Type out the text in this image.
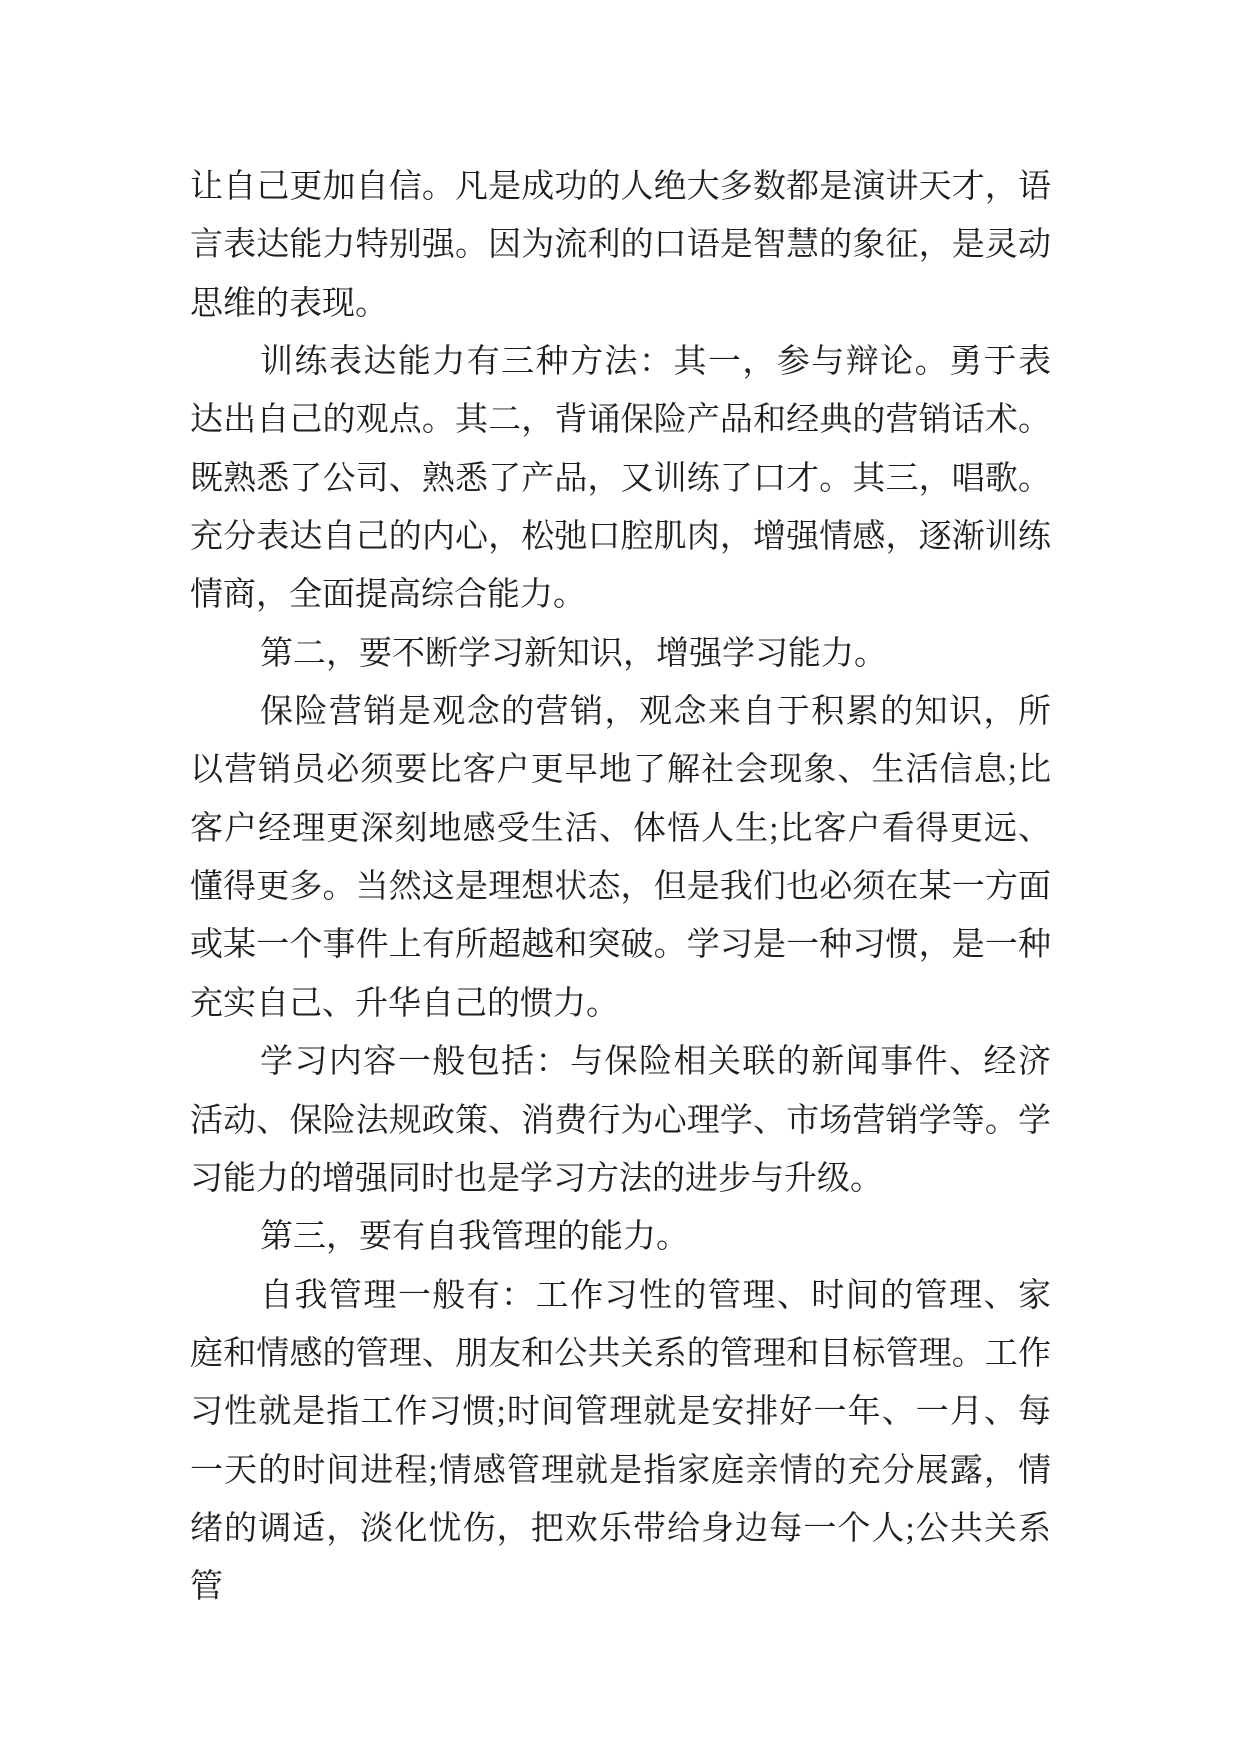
让自己更加自信。凡是成功的人绝大多数都是演讲天才，语言表达能力特别强。因为流利的口语是智慧的象征，是灵动思维的表现。

训练表达能力有三种方法：其一，参与辩论。勇于表达出自己的观点。其二，背诵保险产品和经典的营销话术。既熟悉了公司、熟悉了产品，又训练了口才。其三，唱歌。充分表达自己的内心，松弛口腔肌肉，增强情感，逐渐训练情商，全面提高综合能力。

第二，要不断学习新知识，增强学习能力。

保险营销是观念的营销，观念来自于积累的知识，所以营销员必须要比客户更早地了解社会现象、生活信息;比客户经理更深刻地感受生活、体悟人生;比客户看得更远、懂得更多。当然这是理想状态，但是我们也必须在某一方面或某一个事件上有所超越和突破。学习是一种习惯，是一种充实自己、升华自己的惯力。

学习内容一般包括：与保险相关联的新闻事件、经济活动、保险法规政策、消费行为心理学、市场营销学等。学习能力的增强同时也是学习方法的进步与升级。

第三，要有自我管理的能力。

自我管理一般有：工作习性的管理、时间的管理、家庭和情感的管理、朋友和公共关系的管理和目标管理。工作习性就是指工作习惯;时间管理就是安排好一年、一月、每一天的时间进程;情感管理就是指家庭亲情的充分展露，情绪的调适，淡化忧伤，把欢乐带给身边每一个人;公共关系管
